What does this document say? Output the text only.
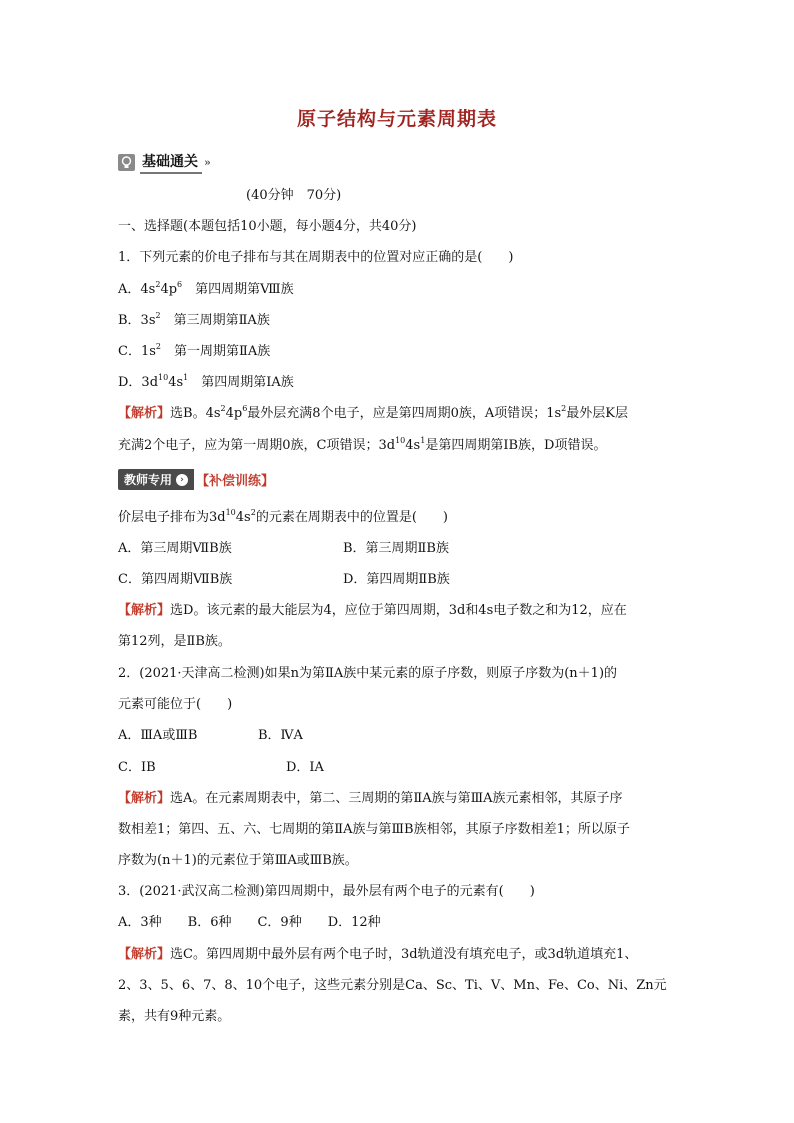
原子结构与元素周期表
基础通关 »
(40分钟　70分)
一、选择题(本题包括10小题，每小题4分，共40分)
1．下列元素的价电子排布与其在周期表中的位置对应正确的是(　　)
A．$4s^24p^6$　第四周期第Ⅷ族
B．$3s^2$　第三周期第ⅡA族
C．$1s^2$　第一周期第ⅡA族
D．$3d^{10}4s^1$　第四周期第ⅠA族
【解析】选B。$4s^24p^6$最外层充满8个电子，应是第四周期0族，A项错误；$1s^2$最外层K层
充满2个电子，应为第一周期0族，C项错误；$3d^{10}4s^1$是第四周期第ⅠB族，D项错误。
教师专用 › 【补偿训练】
价层电子排布为$3d^{10}4s^2$的元素在周期表中的位置是(　　)
A．第三周期ⅦB族	B．第三周期ⅡB族
C．第四周期ⅦB族	D．第四周期ⅡB族
【解析】选D。该元素的最大能层为4，应位于第四周期，3d和4s电子数之和为12，应在
第12列，是ⅡB族。
2．(2021·天津高二检测)如果n为第ⅡA族中某元素的原子序数，则原子序数为(n＋1)的
元素可能位于(　　)
A．ⅢA或ⅢB	B．ⅣA
C．ⅠB	D．ⅠA
【解析】选A。在元素周期表中，第二、三周期的第ⅡA族与第ⅢA族元素相邻，其原子序
数相差1；第四、五、六、七周期的第ⅡA族与第ⅢB族相邻，其原子序数相差1；所以原子
序数为(n＋1)的元素位于第ⅢA或ⅢB族。
3．(2021·武汉高二检测)第四周期中，最外层有两个电子的元素有(　　)
A．3种　　B．6种　　C．9种　　D．12种
【解析】选C。第四周期中最外层有两个电子时，3d轨道没有填充电子，或3d轨道填充1、
2、3、5、6、7、8、10个电子，这些元素分别是Ca、Sc、Ti、V、Mn、Fe、Co、Ni、Zn元
素，共有9种元素。
